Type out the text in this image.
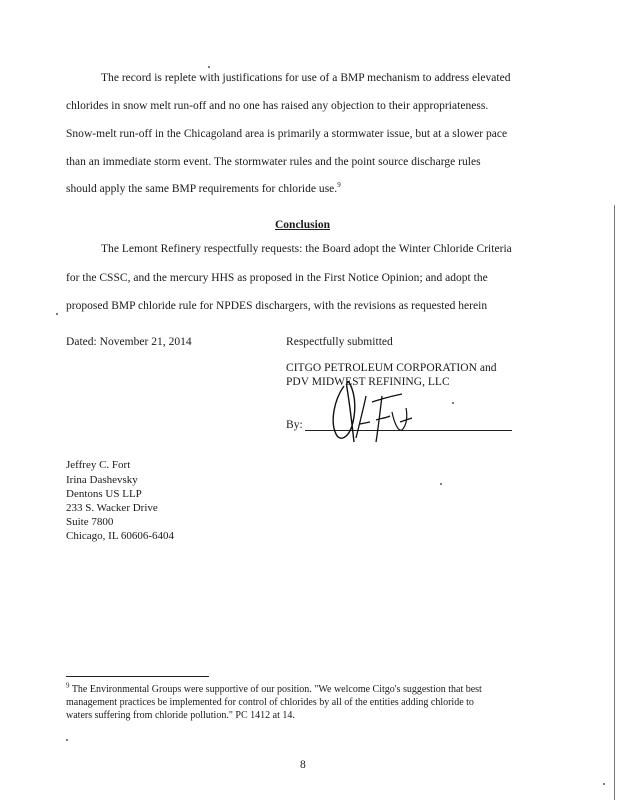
The record is replete with justifications for use of a BMP mechanism to address elevated
chlorides in snow melt run-off and no one has raised any objection to their appropriateness.
Snow-melt run-off in the Chicagoland area is primarily a stormwater issue, but at a slower pace
than an immediate storm event. The stormwater rules and the point source discharge rules
should apply the same BMP requirements for chloride use.$^9$
Conclusion
The Lemont Refinery respectfully requests: the Board adopt the Winter Chloride Criteria
for the CSSC, and the mercury HHS as proposed in the First Notice Opinion; and adopt the
proposed BMP chloride rule for NPDES dischargers, with the revisions as requested herein
Dated: November 21, 2014	Respectfully submitted
CITGO PETROLEUM CORPORATION and
PDV MIDWEST REFINING, LLC
By:
Jeffrey C. Fort
Irina Dashevsky
Dentons US LLP
233 S. Wacker Drive
Suite 7800
Chicago, IL 60606-6404
$^9$ The Environmental Groups were supportive of our position. "We welcome Citgo's suggestion that best
management practices be implemented for control of chlorides by all of the entities adding chloride to
waters suffering from chloride pollution." PC 1412 at 14.
8
